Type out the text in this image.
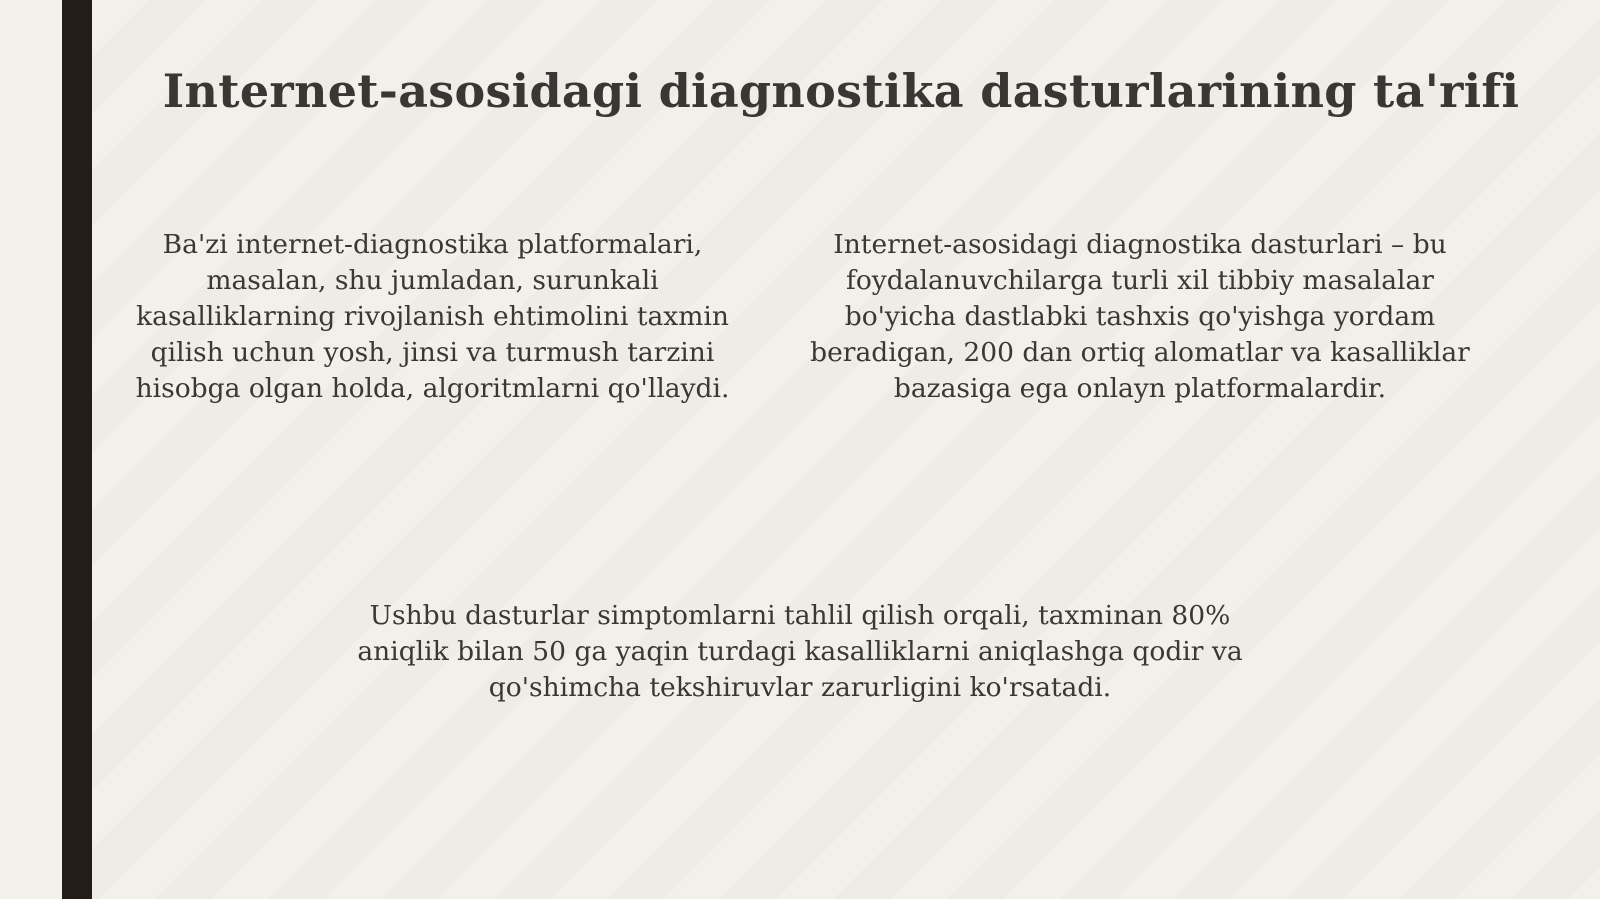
Internet-asosidagi diagnostika dasturlarining ta'rifi
Ba'zi internet-diagnostika platformalari,
masalan, shu jumladan, surunkali
kasalliklarning rivojlanish ehtimolini taxmin
qilish uchun yosh, jinsi va turmush tarzini
hisobga olgan holda, algoritmlarni qo'llaydi.
Internet-asosidagi diagnostika dasturlari – bu
foydalanuvchilarga turli xil tibbiy masalalar
bo'yicha dastlabki tashxis qo'yishga yordam
beradigan, 200 dan ortiq alomatlar va kasalliklar
bazasiga ega onlayn platformalardir.
Ushbu dasturlar simptomlarni tahlil qilish orqali, taxminan 80%
aniqlik bilan 50 ga yaqin turdagi kasalliklarni aniqlashga qodir va
qo'shimcha tekshiruvlar zarurligini ko'rsatadi.
